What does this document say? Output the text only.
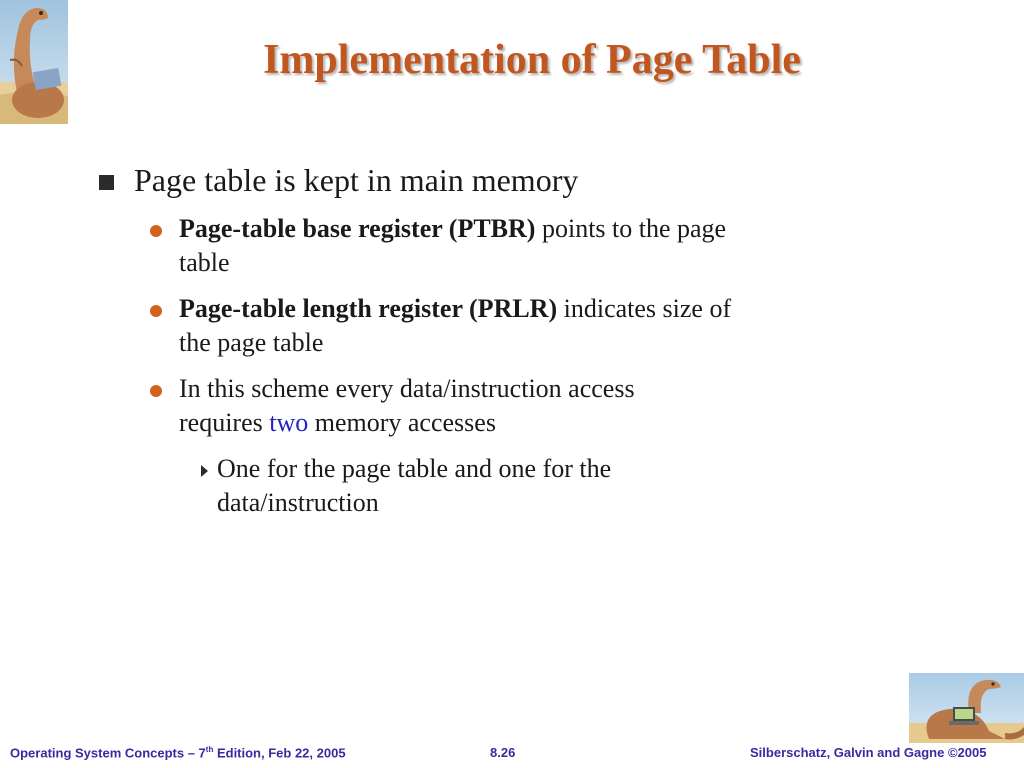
Implementation of Page Table
Page table is kept in main memory
Page-table base register (PTBR) points to the page
table
Page-table length register (PRLR) indicates size of
the page table
In this scheme every data/instruction access
requires two memory accesses
One for the page table and one for the
data/instruction
Operating System Concepts – 7th Edition, Feb 22, 2005	8.26	Silberschatz, Galvin and Gagne ©2005
